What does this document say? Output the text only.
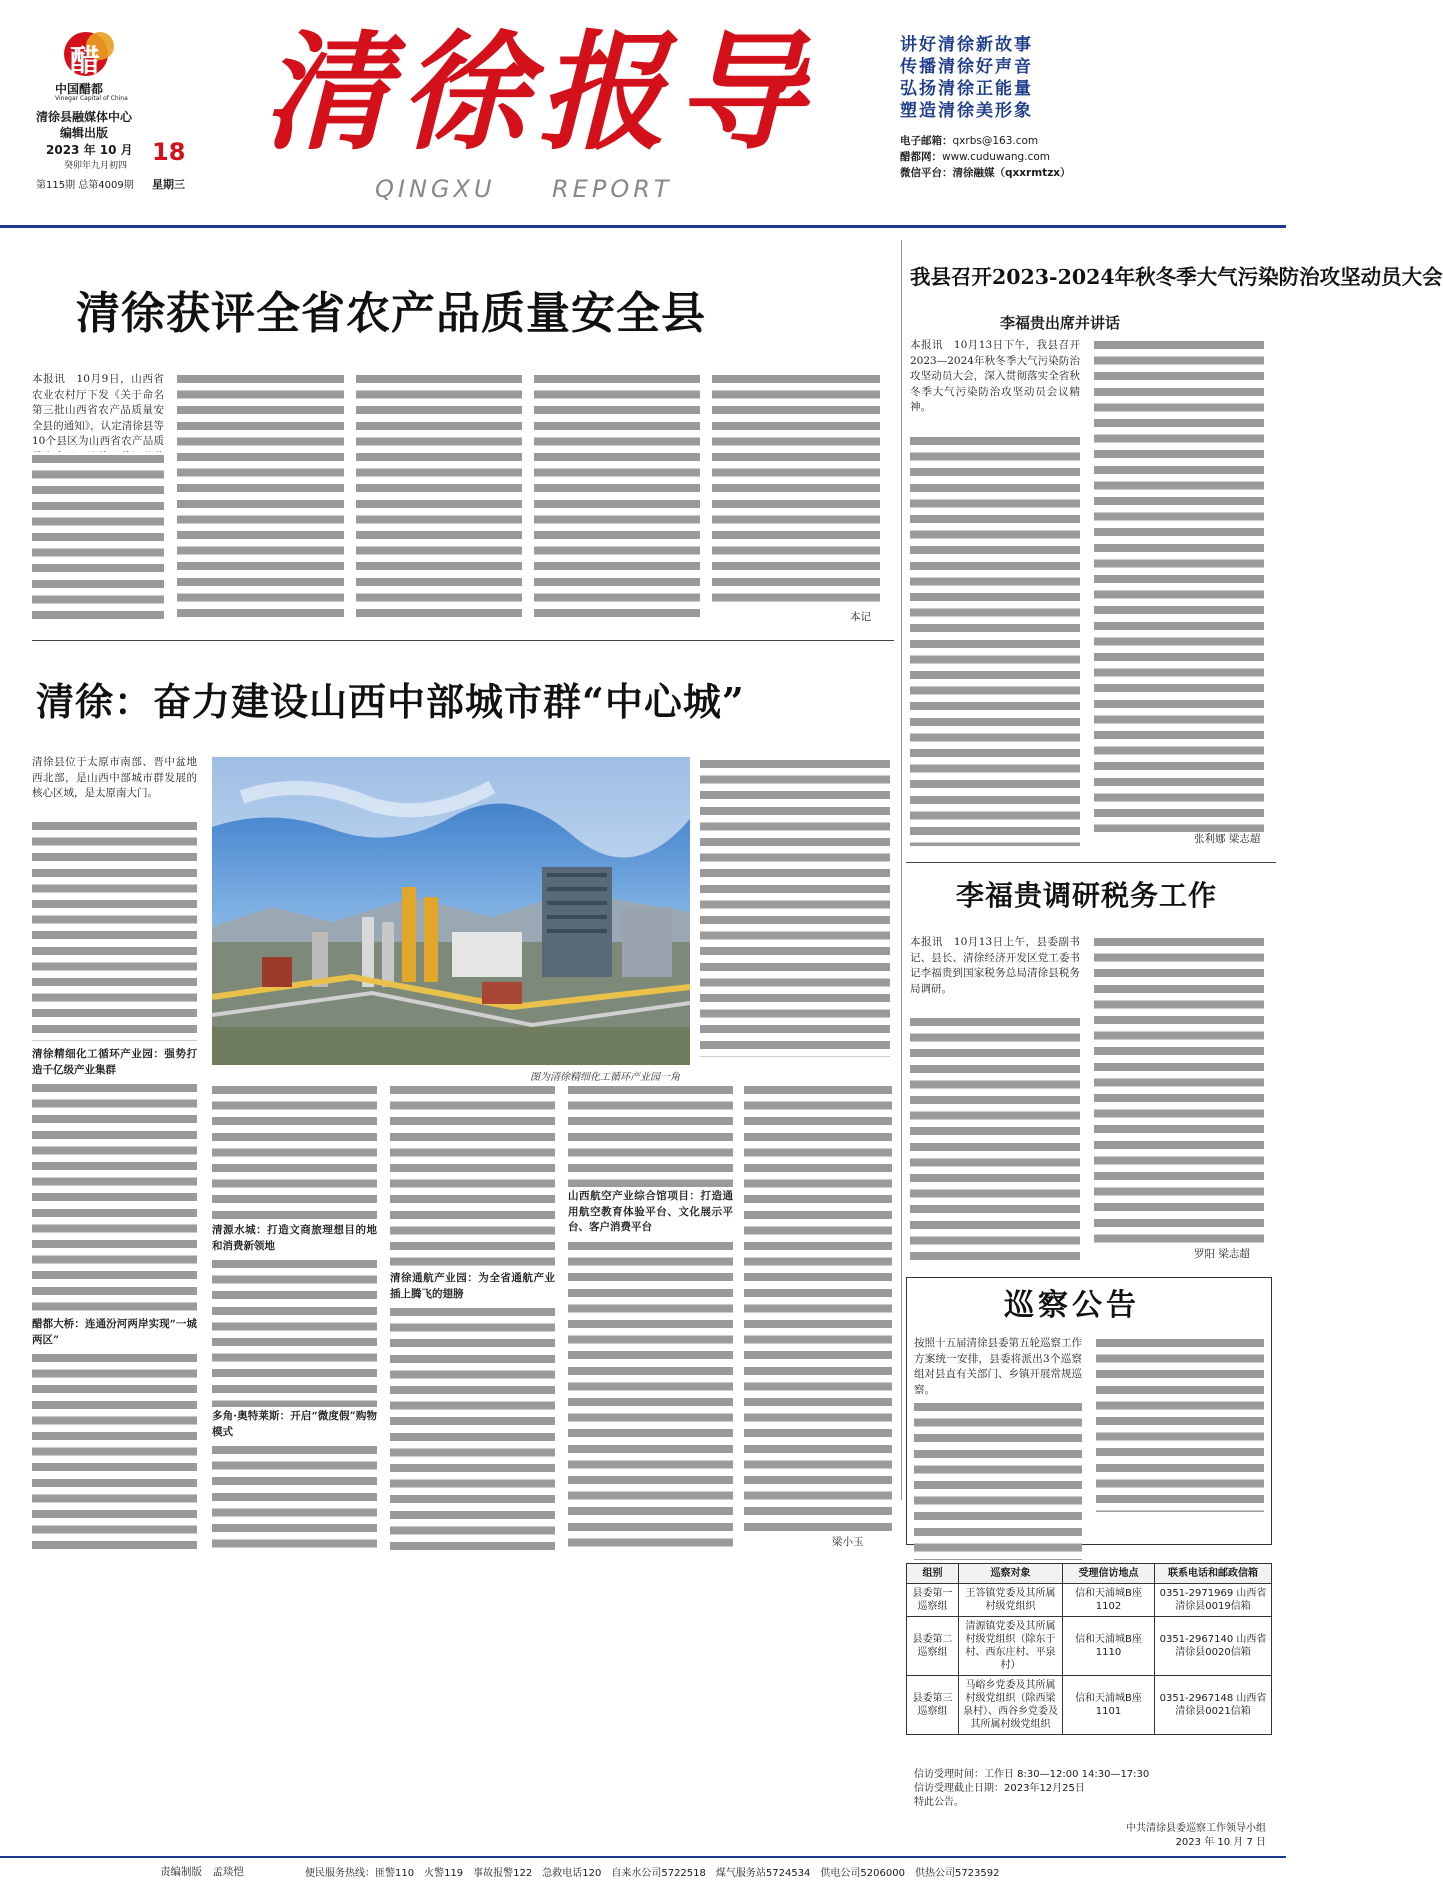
醋
中国醋都
Vinegar Capital of China
清徐县融媒体中心
编辑出版
2023 年 10 月 18
癸卯年九月初四
第115期 总第4009期 星期三
清徐报导
QINGXU REPORT
讲好清徐新故事
传播清徐好声音
弘扬清徐正能量
塑造清徐美形象
电子邮箱：qxrbs@163.com
醋都网：www.cuduwang.com
微信平台：清徐融媒（qxxrmtzx）
清徐获评全省农产品质量安全县
本报讯　10月9日，山西省农业农村厅下发《关于命名第三批山西省农产品质量安全县的通知》，认定清徐县等10个县区为山西省农产品质
本记
我县召开2023-2024年秋冬季大气污染防治攻坚动员大会
李福贵出席并讲话
本报讯　10月13日下午，我县召开2023—2024年秋冬季大气污染防治攻坚动员大会，深入贯彻落实全省秋冬季大气污染防治攻坚动员会议精神。
张利娜 梁志超
清徐：奋力建设山西中部城市群“中心城”
清徐县位于太原市南部、晋中盆地西北部，是山西中部城市群发展的核心区域，是太原南大门。
清徐精细化工循环产业园：强势打造千亿级产业集群
醋都大桥：连通汾河两岸实现“一城两区”
图为清徐精细化工循环产业园一角
清源水城：打造文商旅理想目的地和消费新领地
多角·奥特莱斯：开启“微度假”购物模式
清徐通航产业园：为全省通航产业插上腾飞的翅膀
山西航空产业综合馆项目：打造通用航空教育体验平台、文化展示平台、客户消费平台
梁小玉
李福贵调研税务工作
本报讯　10月13日上午，县委副书记、县长、清徐经济开发区党工委书记李福贵到国家税务总局清徐县税务局调研。
罗阳 梁志超
巡察公告
按照十五届清徐县委第五轮巡察工作方案统一安排，县委将派出3个巡察组对县直有关部门、乡镇开展常规巡察。
组别	巡察对象	受理信访地点	联系电话和邮政信箱
县委第一巡察组	王答镇党委及其所属村级党组织	信和天浦城B座1102	0351-2971969 山西省清徐县0019信箱
县委第二巡察组	清源镇党委及其所属村级党组织（除东于村、西东庄村、平泉村）	信和天浦城B座1110	0351-2967140 山西省清徐县0020信箱
县委第三巡察组	马峪乡党委及其所属村级党组织（除西梁泉村）、西谷乡党委及其所属村级党组织	信和天浦城B座1101	0351-2967148 山西省清徐县0021信箱
信访受理时间：工作日 8:30—12:00 14:30—17:30
信访受理截止日期：2023年12月25日
特此公告。
中共清徐县委巡察工作领导小组
2023 年 10 月 7 日
责编制版　孟琰恺	便民服务热线：匪警110　火警119　事故报警122　急救电话120　自来水公司5722518　煤气服务站5724534　供电公司5206000　供热公司5723592
